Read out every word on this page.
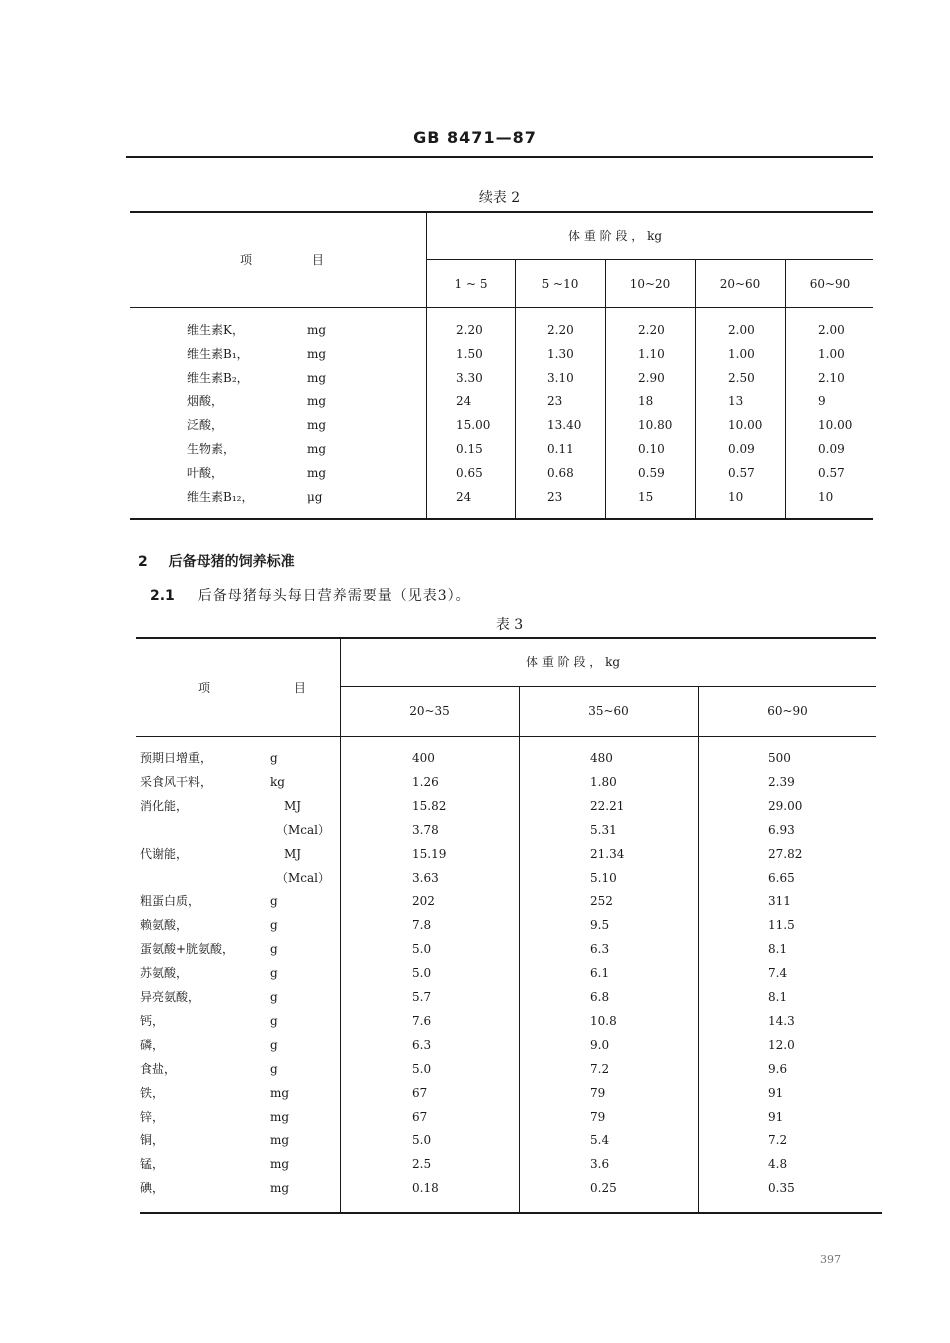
GB 8471—87
续表 2
项 目
体 重 阶 段 ， kg
1 ~ 5	5 ~10	10~20	20~60	60~90
维生素K，	mg	2.20	2.20	2.20	2.00	2.00
维生素B₁，	mg	1.50	1.30	1.10	1.00	1.00
维生素B₂，	mg	3.30	3.10	2.90	2.50	2.10
烟酸，	mg	24	23	18	13	9
泛酸，	mg	15.00	13.40	10.80	10.00	10.00
生物素，	mg	0.15	0.11	0.10	0.09	0.09
叶酸，	mg	0.65	0.68	0.59	0.57	0.57
维生素B₁₂，	μg	24	23	15	10	10
2 后备母猪的饲养标准
2.1 后备母猪每头每日营养需要量（见表3）。
表 3
项 目
体 重 阶 段 ， kg
20~35	35~60	60~90
预期日增重，	g	400	480	500
采食风干料，	kg	1.26	1.80	2.39
消化能，	MJ	15.82	22.21	29.00
（Mcal）	3.78	5.31	6.93
代谢能，	MJ	15.19	21.34	27.82
（Mcal）	3.63	5.10	6.65
粗蛋白质，	g	202	252	311
赖氨酸，	g	7.8	9.5	11.5
蛋氨酸+胱氨酸，	g	5.0	6.3	8.1
苏氨酸，	g	5.0	6.1	7.4
异亮氨酸，	g	5.7	6.8	8.1
钙，	g	7.6	10.8	14.3
磷，	g	6.3	9.0	12.0
食盐，	g	5.0	7.2	9.6
铁，	mg	67	79	91
锌，	mg	67	79	91
铜，	mg	5.0	5.4	7.2
锰，	mg	2.5	3.6	4.8
碘，	mg	0.18	0.25	0.35
397
